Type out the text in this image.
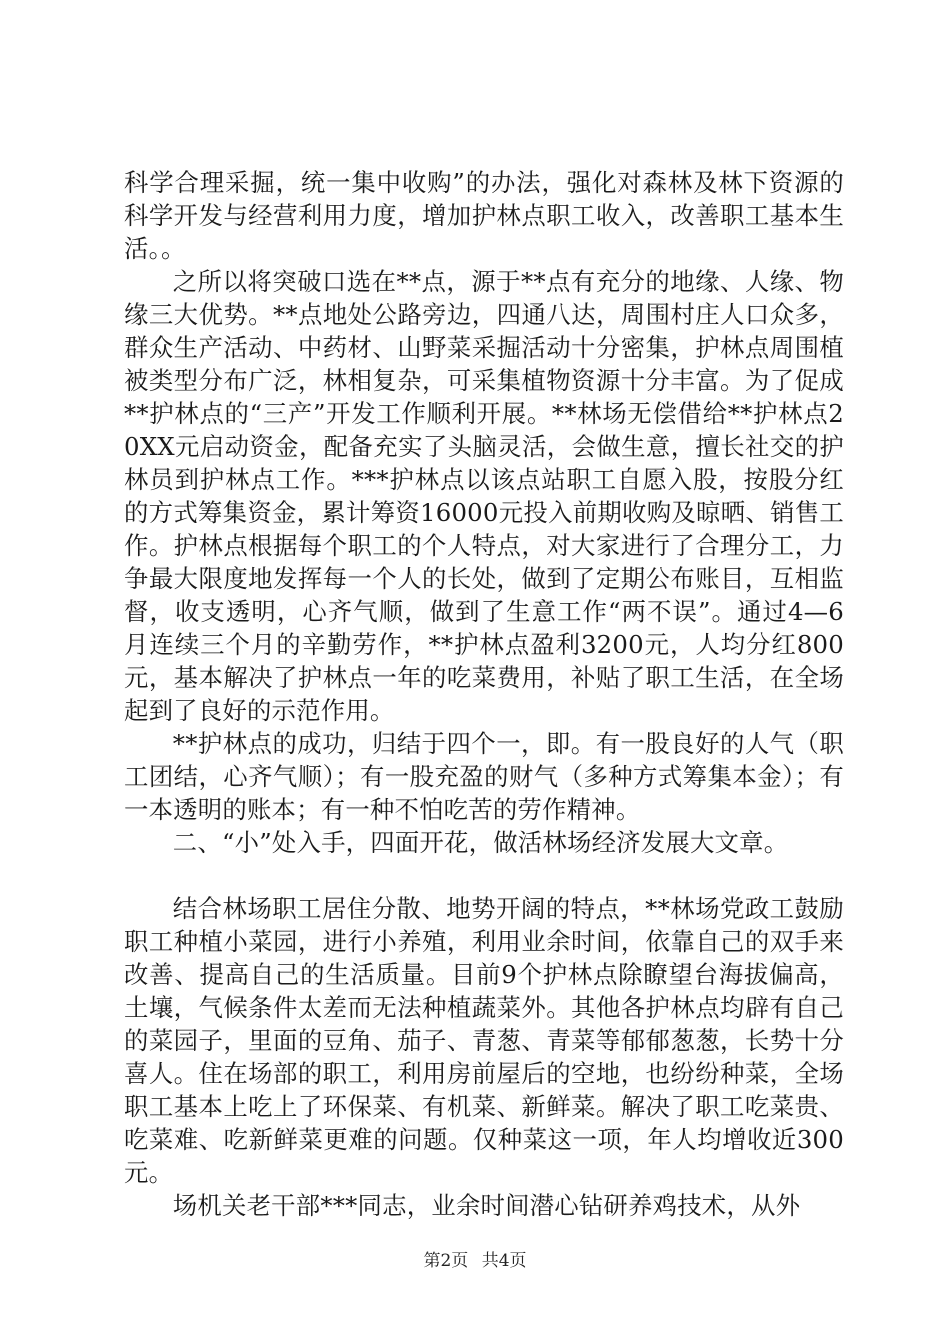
科学合理采掘，统一集中收购”的办法，强化对森林及林下资源的科学开发与经营利用力度，增加护林点职工收入，改善职工基本生活。。

之所以将突破口选在**点，源于**点有充分的地缘、人缘、物缘三大优势。**点地处公路旁边，四通八达，周围村庄人口众多，群众生产活动、中药材、山野菜采掘活动十分密集，护林点周围植被类型分布广泛，林相复杂，可采集植物资源十分丰富。为了促成**护林点的“三产”开发工作顺利开展。**林场无偿借给**护林点20XX元启动资金，配备充实了头脑灵活，会做生意，擅长社交的护林员到护林点工作。***护林点以该点站职工自愿入股，按股分红的方式筹集资金，累计筹资16000元投入前期收购及晾晒、销售工作。护林点根据每个职工的个人特点，对大家进行了合理分工，力争最大限度地发挥每一个人的长处，做到了定期公布账目，互相监督，收支透明，心齐气顺，做到了生意工作“两不误”。通过4—6月连续三个月的辛勤劳作，**护林点盈利3200元，人均分红800元，基本解决了护林点一年的吃菜费用，补贴了职工生活，在全场起到了良好的示范作用。

**护林点的成功，归结于四个一，即。有一股良好的人气（职工团结，心齐气顺）；有一股充盈的财气（多种方式筹集本金）；有一本透明的账本；有一种不怕吃苦的劳作精神。

二、“小”处入手，四面开花，做活林场经济发展大文章。

结合林场职工居住分散、地势开阔的特点，**林场党政工鼓励职工种植小菜园，进行小养殖，利用业余时间，依靠自己的双手来改善、提高自己的生活质量。目前9个护林点除瞭望台海拔偏高，土壤，气候条件太差而无法种植蔬菜外。其他各护林点均辟有自己的菜园子，里面的豆角、茄子、青葱、青菜等郁郁葱葱，长势十分喜人。住在场部的职工，利用房前屋后的空地，也纷纷种菜，全场职工基本上吃上了环保菜、有机菜、新鲜菜。解决了职工吃菜贵、吃菜难、吃新鲜菜更难的问题。仅种菜这一项，年人均增收近300元。

场机关老干部***同志，业余时间潜心钻研养鸡技术，从外

第2页 共4页
